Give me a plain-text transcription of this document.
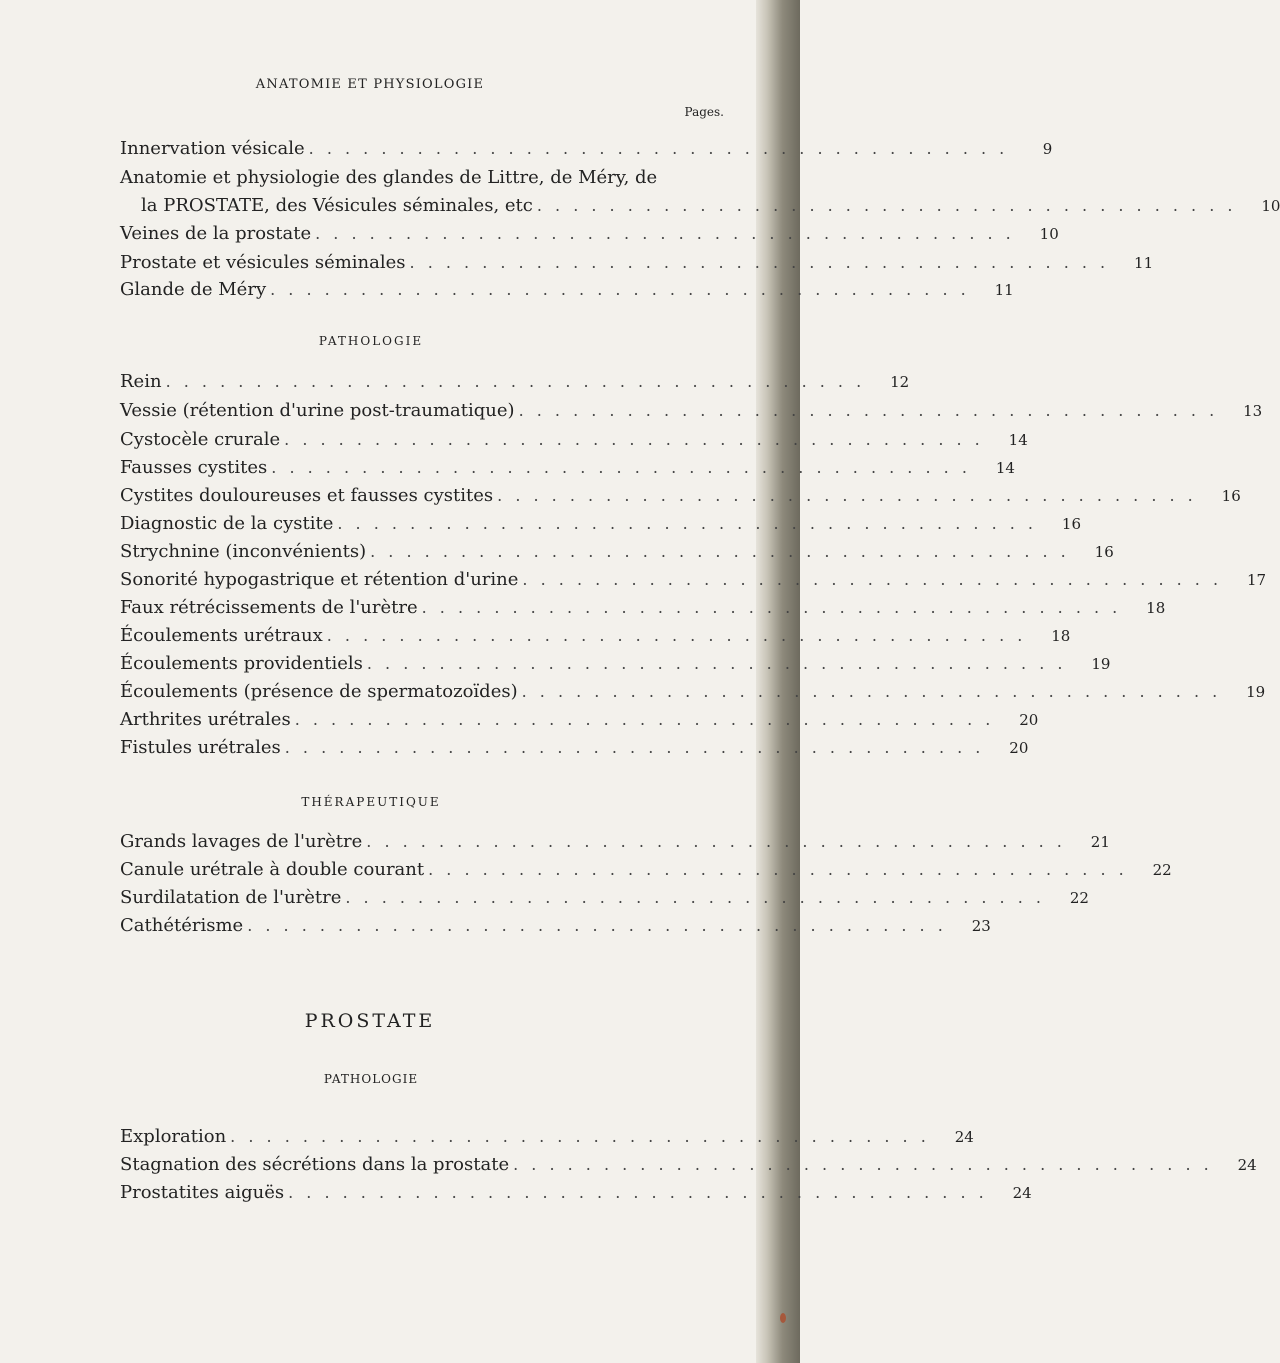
ANATOMIE ET PHYSIOLOGIE
Pages.
Innervation vésicale . . . . . . . . . . . . . . . . . . . . . . . . . . . . . . . . . . . . . . .	9
Anatomie et physiologie des glandes de Littre, de Méry, de
la PROSTATE, des Vésicules séminales, etc . . . . . . . . . . . . . . . . . . . . . . . . . . . . . . . . . . . . . . .	10
Veines de la prostate . . . . . . . . . . . . . . . . . . . . . . . . . . . . . . . . . . . . . . .	10
Prostate et vésicules séminales . . . . . . . . . . . . . . . . . . . . . . . . . . . . . . . . . . . . . . .	11
Glande de Méry . . . . . . . . . . . . . . . . . . . . . . . . . . . . . . . . . . . . . . .	11
PATHOLOGIE
Rein . . . . . . . . . . . . . . . . . . . . . . . . . . . . . . . . . . . . . . .	12
Vessie (rétention d'urine post-traumatique) . . . . . . . . . . . . . . . . . . . . . . . . . . . . . . . . . . . . . . .	13
Cystocèle crurale . . . . . . . . . . . . . . . . . . . . . . . . . . . . . . . . . . . . . . .	14
Fausses cystites . . . . . . . . . . . . . . . . . . . . . . . . . . . . . . . . . . . . . . .	14
Cystites douloureuses et fausses cystites . . . . . . . . . . . . . . . . . . . . . . . . . . . . . . . . . . . . . . .	16
Diagnostic de la cystite . . . . . . . . . . . . . . . . . . . . . . . . . . . . . . . . . . . . . . .	16
Strychnine (inconvénients) . . . . . . . . . . . . . . . . . . . . . . . . . . . . . . . . . . . . . . .	16
Sonorité hypogastrique et rétention d'urine . . . . . . . . . . . . . . . . . . . . . . . . . . . . . . . . . . . . . . .	17
Faux rétrécissements de l'urètre . . . . . . . . . . . . . . . . . . . . . . . . . . . . . . . . . . . . . . .	18
Écoulements urétraux . . . . . . . . . . . . . . . . . . . . . . . . . . . . . . . . . . . . . . .	18
Écoulements providentiels . . . . . . . . . . . . . . . . . . . . . . . . . . . . . . . . . . . . . . .	19
Écoulements (présence de spermatozoïdes) . . . . . . . . . . . . . . . . . . . . . . . . . . . . . . . . . . . . . . .	19
Arthrites urétrales . . . . . . . . . . . . . . . . . . . . . . . . . . . . . . . . . . . . . . .	20
Fistules urétrales . . . . . . . . . . . . . . . . . . . . . . . . . . . . . . . . . . . . . . .	20
THÉRAPEUTIQUE
Grands lavages de l'urètre . . . . . . . . . . . . . . . . . . . . . . . . . . . . . . . . . . . . . . .	21
Canule urétrale à double courant . . . . . . . . . . . . . . . . . . . . . . . . . . . . . . . . . . . . . . .	22
Surdilatation de l'urètre . . . . . . . . . . . . . . . . . . . . . . . . . . . . . . . . . . . . . . .	22
Cathétérisme . . . . . . . . . . . . . . . . . . . . . . . . . . . . . . . . . . . . . . .	23
PROSTATE
PATHOLOGIE
Exploration . . . . . . . . . . . . . . . . . . . . . . . . . . . . . . . . . . . . . . .	24
Stagnation des sécrétions dans la prostate . . . . . . . . . . . . . . . . . . . . . . . . . . . . . . . . . . . . . . .	24
Prostatites aiguës . . . . . . . . . . . . . . . . . . . . . . . . . . . . . . . . . . . . . . .	24
